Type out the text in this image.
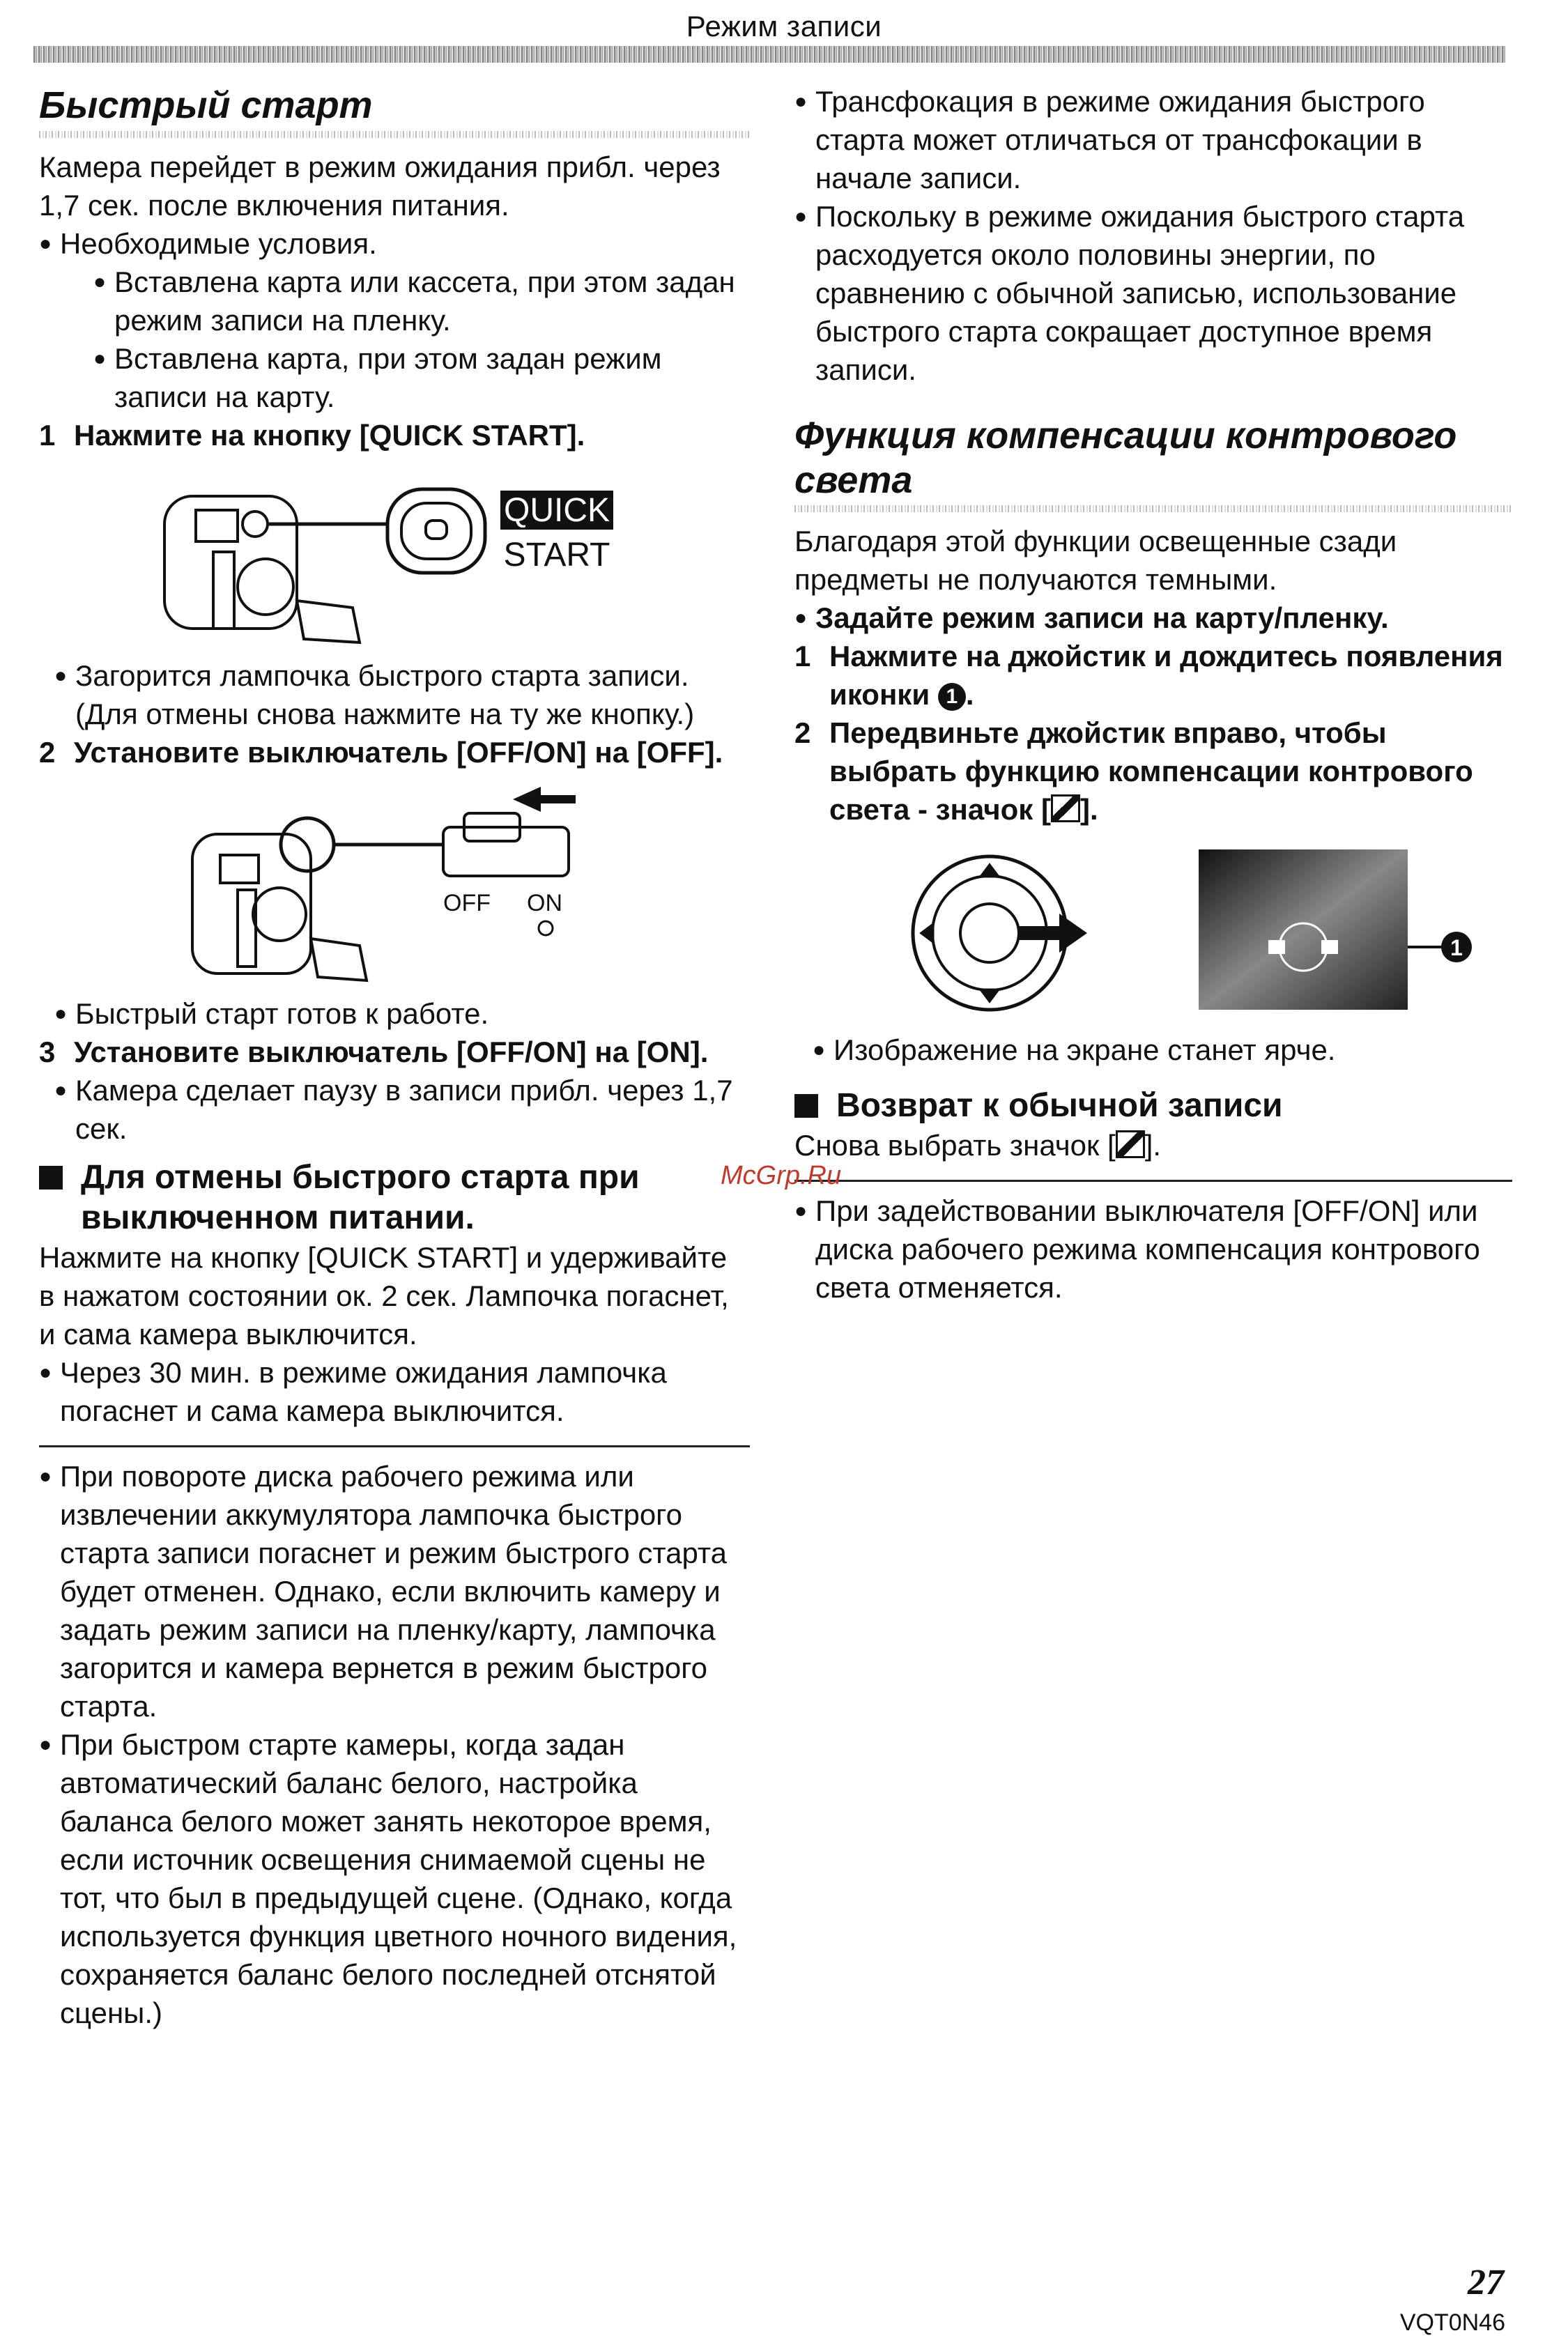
Режим записи
Быстрый старт

Камера перейдет в режим ожидания прибл. через 1,7 сек. после включения питания.

● Необходимые условия.
● Вставлена карта или кассета, при этом задан режим записи на пленку.
● Вставлена карта, при этом задан режим записи на карту.
1 Нажмите на кнопку [QUICK START].
QUICK
START
● Загорится лампочка быстрого старта записи. (Для отмены снова нажмите на ту же кнопку.)
2 Установите выключатель [OFF/ON] на [OFF].
OFF ON
● Быстрый старт готов к работе.
3 Установите выключатель [OFF/ON] на [ON].
● Камера сделает паузу в записи прибл. через 1,7 сек.
Для отмены быстрого старта при выключенном питании.

Нажмите на кнопку [QUICK START] и удерживайте в нажатом состоянии ок. 2 сек. Лампочка погаснет, и сама камера выключится.

● Через 30 мин. в режиме ожидания лампочка погаснет и сама камера выключится.
● При повороте диска рабочего режима или извлечении аккумулятора лампочка быстрого старта записи погаснет и режим быстрого старта будет отменен. Однако, если включить камеру и задать режим записи на пленку/карту, лампочка загорится и камера вернется в режим быстрого старта.
● При быстром старте камеры, когда задан автоматический баланс белого, настройка баланса белого может занять некоторое время, если источник освещения снимаемой сцены не тот, что был в предыдущей сцене. (Однако, когда используется функция цветного ночного видения, сохраняется баланс белого последней отснятой сцены.)
● Трансфокация в режиме ожидания быстрого старта может отличаться от трансфокации в начале записи.
● Поскольку в режиме ожидания быстрого старта расходуется около половины энергии, по сравнению с обычной записью, использование быстрого старта сокращает доступное время записи.
Функция компенсации контрового света

Благодаря этой функции освещенные сзади предметы не получаются темными.

● Задайте режим записи на карту/пленку.
1 Нажмите на джойстик и дождитесь появления иконки 1 .
2 Передвиньте джойстик вправо, чтобы выбрать функцию компенсации контрового света - значок [ ].
1
● Изображение на экране станет ярче.
Возврат к обычной записи

Снова выбрать значок [ ].

● При задействовании выключателя [OFF/ON] или диска рабочего режима компенсация контрового света отменяется.
McGrp.Ru
27
VQT0N46
